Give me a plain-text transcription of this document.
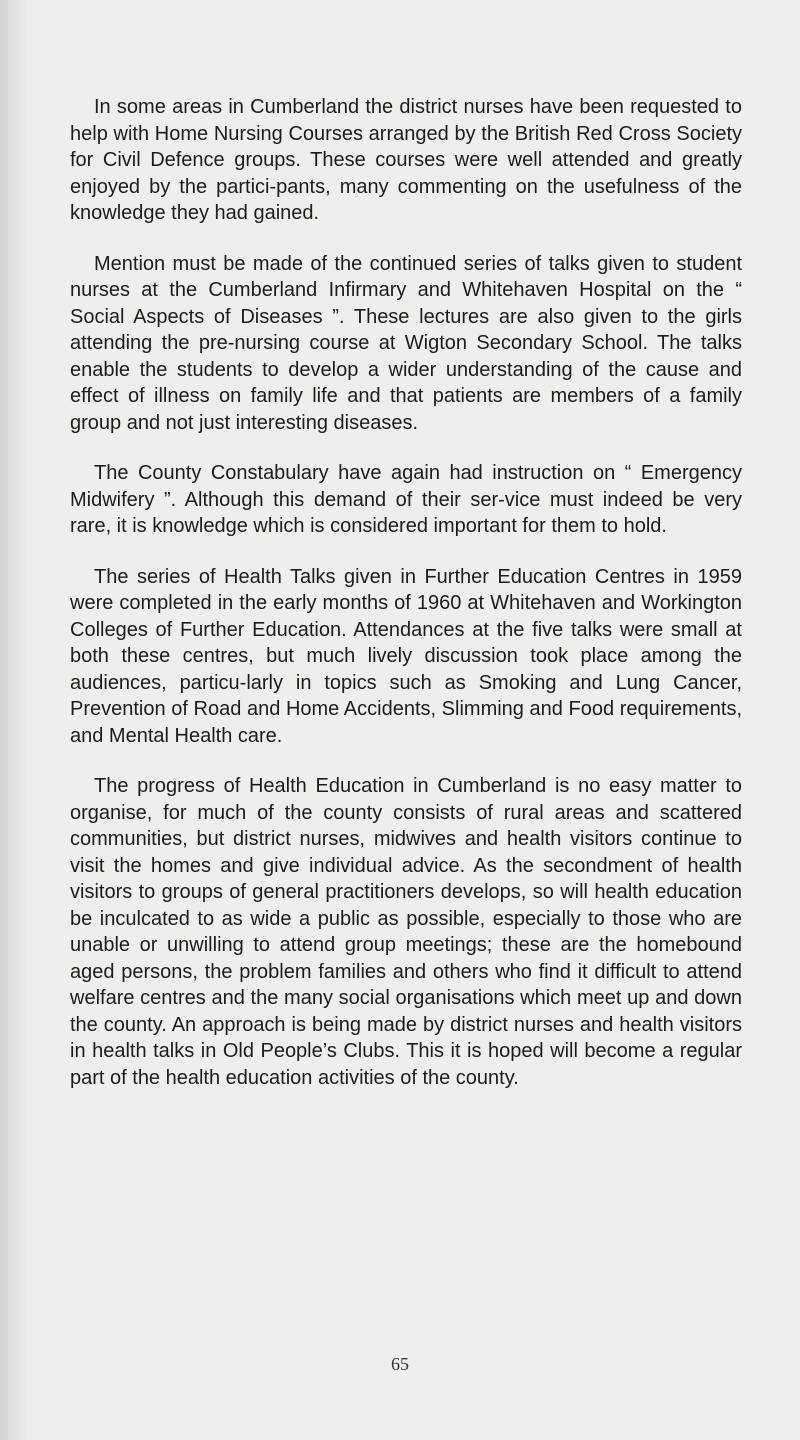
In some areas in Cumberland the district nurses have been requested to help with Home Nursing Courses arranged by the British Red Cross Society for Civil Defence groups. These courses were well attended and greatly enjoyed by the partici-pants, many commenting on the usefulness of the knowledge they had gained.

Mention must be made of the continued series of talks given to student nurses at the Cumberland Infirmary and Whitehaven Hospital on the “ Social Aspects of Diseases ”. These lectures are also given to the girls attending the pre-nursing course at Wigton Secondary School. The talks enable the students to develop a wider understanding of the cause and effect of illness on family life and that patients are members of a family group and not just interesting diseases.

The County Constabulary have again had instruction on “ Emergency Midwifery ”. Although this demand of their ser-vice must indeed be very rare, it is knowledge which is considered important for them to hold.

The series of Health Talks given in Further Education Centres in 1959 were completed in the early months of 1960 at Whitehaven and Workington Colleges of Further Education. Attendances at the five talks were small at both these centres, but much lively discussion took place among the audiences, particu-larly in topics such as Smoking and Lung Cancer, Prevention of Road and Home Accidents, Slimming and Food requirements, and Mental Health care.

The progress of Health Education in Cumberland is no easy matter to organise, for much of the county consists of rural areas and scattered communities, but district nurses, midwives and health visitors continue to visit the homes and give individual advice. As the secondment of health visitors to groups of general practitioners develops, so will health education be inculcated to as wide a public as possible, especially to those who are unable or unwilling to attend group meetings; these are the homebound aged persons, the problem families and others who find it difficult to attend welfare centres and the many social organisations which meet up and down the county. An approach is being made by district nurses and health visitors in health talks in Old People’s Clubs. This it is hoped will become a regular part of the health education activities of the county.

65
